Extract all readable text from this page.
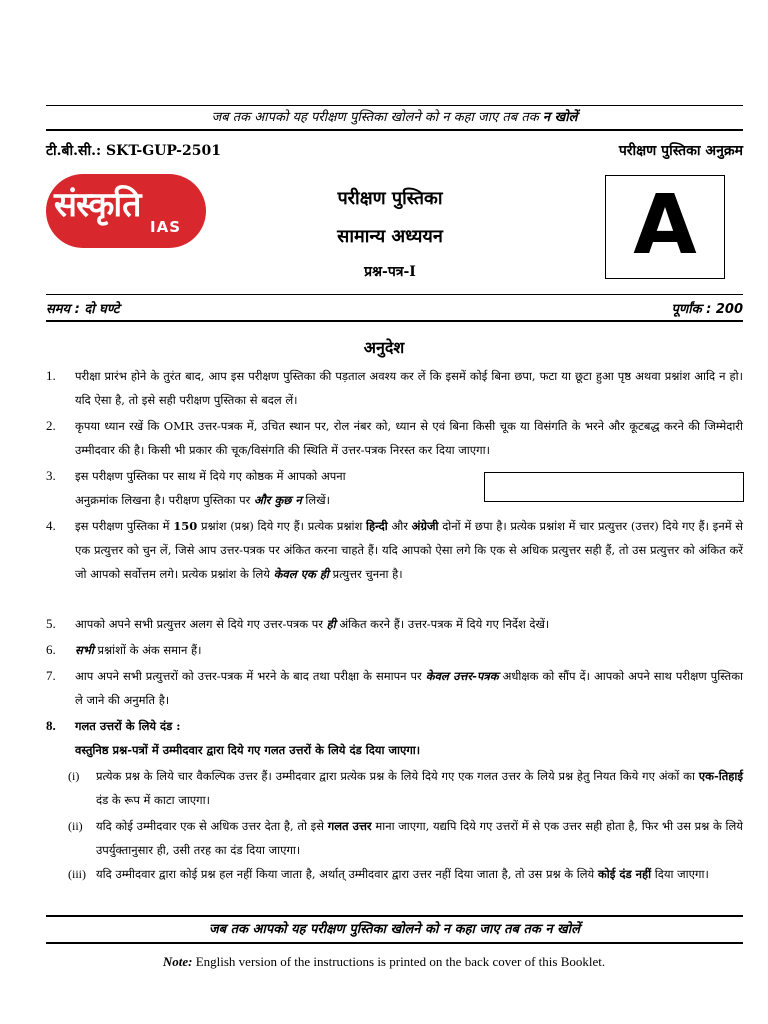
जब तक आपको यह परीक्षण पुस्तिका खोलने को न कहा जाए तब तक न खोलें
टी.बी.सी.: SKT-GUP-2501	परीक्षण पुस्तिका अनुक्रम
संस्कृति
IAS
परीक्षण पुस्तिका
सामान्य अध्ययन
प्रश्न-पत्र-I	A
समय : दो घण्टे	पूर्णांक : 200
अनुदेश
1.	परीक्षा प्रारंभ होने के तुरंत बाद, आप इस परीक्षण पुस्तिका की पड़ताल अवश्य कर लें कि इसमें कोई बिना छपा, फटा या छूटा हुआ पृष्ठ अथवा प्रश्नांश आदि न हो। यदि ऐसा है, तो इसे सही परीक्षण पुस्तिका से बदल लें।
2.	कृपया ध्यान रखें कि OMR उत्तर-पत्रक में, उचित स्थान पर, रोल नंबर को, ध्यान से एवं बिना किसी चूक या विसंगति के भरने और कूटबद्ध करने की जिम्मेदारी उम्मीदवार की है। किसी भी प्रकार की चूक/विसंगति की स्थिति में उत्तर-पत्रक निरस्त कर दिया जाएगा।
3.	इस परीक्षण पुस्तिका पर साथ में दिये गए कोष्ठक में आपको अपना
अनुक्रमांक लिखना है। परीक्षण पुस्तिका पर और कुछ न लिखें।
4.	इस परीक्षण पुस्तिका में 150 प्रश्नांश (प्रश्न) दिये गए हैं। प्रत्येक प्रश्नांश हिन्दी और अंग्रेजी दोनों में छपा है। प्रत्येक प्रश्नांश में चार प्रत्युत्तर (उत्तर) दिये गए हैं। इनमें से एक प्रत्युत्तर को चुन लें, जिसे आप उत्तर-पत्रक पर अंकित करना चाहते हैं। यदि आपको ऐसा लगे कि एक से अधिक प्रत्युत्तर सही हैं, तो उस प्रत्युत्तर को अंकित करें जो आपको सर्वोत्तम लगे। प्रत्येक प्रश्नांश के लिये केवल एक ही प्रत्युत्तर चुनना है।
5.	आपको अपने सभी प्रत्युत्तर अलग से दिये गए उत्तर-पत्रक पर ही अंकित करने हैं। उत्तर-पत्रक में दिये गए निर्देश देखें।
6.	सभी प्रश्नांशों के अंक समान हैं।
7.	आप अपने सभी प्रत्युत्तरों को उत्तर-पत्रक में भरने के बाद तथा परीक्षा के समापन पर केवल उत्तर-पत्रक अधीक्षक को सौंप दें। आपको अपने साथ परीक्षण पुस्तिका ले जाने की अनुमति है।
8.	गलत उत्तरों के लिये दंड :
वस्तुनिष्ठ प्रश्न-पत्रों में उम्मीदवार द्वारा दिये गए गलत उत्तरों के लिये दंड दिया जाएगा।
(i) प्रत्येक प्रश्न के लिये चार वैकल्पिक उत्तर हैं। उम्मीदवार द्वारा प्रत्येक प्रश्न के लिये दिये गए एक गलत उत्तर के लिये प्रश्न हेतु नियत किये गए अंकों का एक-तिहाई दंड के रूप में काटा जाएगा।
(ii) यदि कोई उम्मीदवार एक से अधिक उत्तर देता है, तो इसे गलत उत्तर माना जाएगा, यद्यपि दिये गए उत्तरों में से एक उत्तर सही होता है, फिर भी उस प्रश्न के लिये उपर्युक्तानुसार ही, उसी तरह का दंड दिया जाएगा।
(iii) यदि उम्मीदवार द्वारा कोई प्रश्न हल नहीं किया जाता है, अर्थात् उम्मीदवार द्वारा उत्तर नहीं दिया जाता है, तो उस प्रश्न के लिये कोई दंड नहीं दिया जाएगा।
जब तक आपको यह परीक्षण पुस्तिका खोलने को न कहा जाए तब तक न खोलें
Note: English version of the instructions is printed on the back cover of this Booklet.
